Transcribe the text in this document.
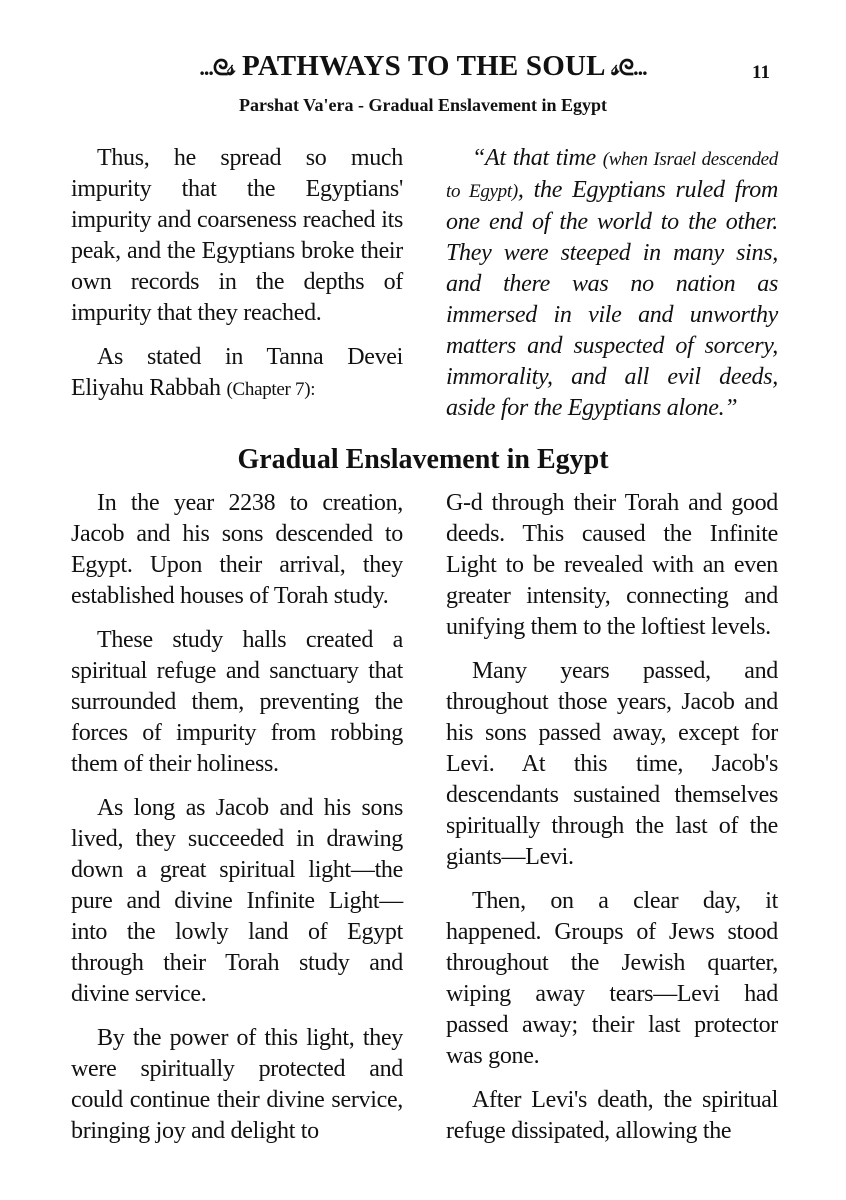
...ᘓ𝓈 PATHWAYS TO THE SOUL 𝓈ᘓ...	11
Parshat Va'era - Gradual Enslavement in Egypt

Thus, he spread so much impurity that the Egyptians' impurity and coarseness reached its peak, and the Egyptians broke their own records in the depths of impurity that they reached.

As stated in Tanna Devei Eliyahu Rabbah (Chapter 7):

“At that time (when Israel descended to Egypt), the Egyptians ruled from one end of the world to the other. They were steeped in many sins, and there was no nation as immersed in vile and unworthy matters and suspected of sorcery, immorality, and all evil deeds, aside for the Egyptians alone.”

Gradual Enslavement in Egypt

In the year 2238 to creation, Jacob and his sons descended to Egypt. Upon their arrival, they established houses of Torah study.

These study halls created a spiritual refuge and sanctuary that surrounded them, preventing the forces of impurity from robbing them of their holiness.

As long as Jacob and his sons lived, they succeeded in drawing down a great spiritual light—the pure and divine Infinite Light—into the lowly land of Egypt through their Torah study and divine service.

By the power of this light, they were spiritually protected and could continue their divine service, bringing joy and delight to

G-d through their Torah and good deeds. This caused the Infinite Light to be revealed with an even greater intensity, connecting and unifying them to the loftiest levels.

Many years passed, and throughout those years, Jacob and his sons passed away, except for Levi. At this time, Jacob's descendants sustained themselves spiritually through the last of the giants—Levi.

Then, on a clear day, it happened. Groups of Jews stood throughout the Jewish quarter, wiping away tears—Levi had passed away; their last protector was gone.

After Levi's death, the spiritual refuge dissipated, allowing the
